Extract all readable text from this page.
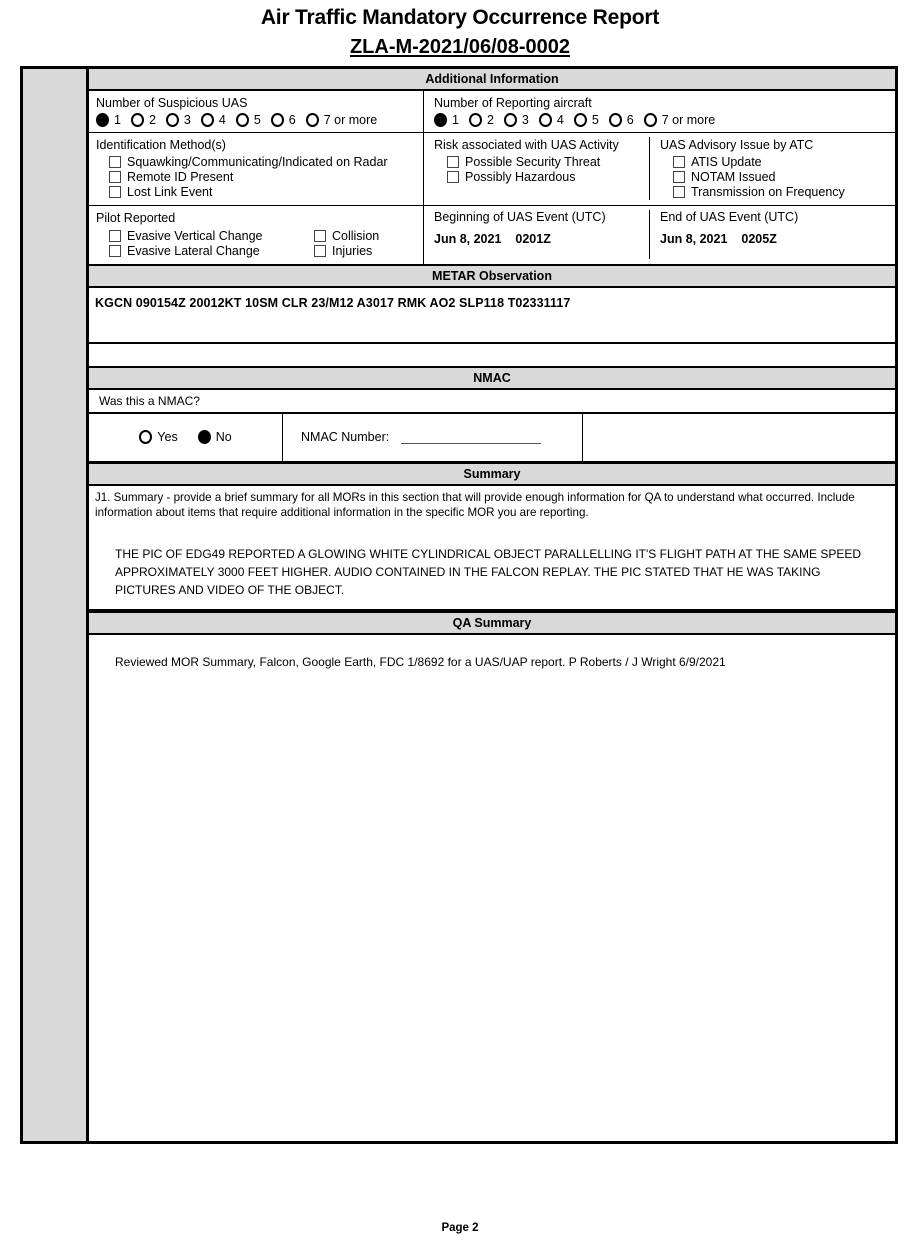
Air Traffic Mandatory Occurrence Report
ZLA-M-2021/06/08-0002
Additional Information
Number of Suspicious UAS
1 2 3 4 5 6 7 or more
Number of Reporting aircraft
1 2 3 4 5 6 7 or more
Identification Method(s)
Squawking/Communicating/Indicated on Radar
Remote ID Present
Lost Link Event
Risk associated with UAS Activity
Possible Security Threat
Possibly Hazardous
UAS Advisory Issue by ATC
ATIS Update
NOTAM Issued
Transmission on Frequency
Pilot Reported
Evasive Vertical Change
Evasive Lateral Change
Collision
Injuries
Beginning of UAS Event (UTC)
Jun 8, 2021 0201Z
End of UAS Event (UTC)
Jun 8, 2021 0205Z
METAR Observation
KGCN 090154Z 20012KT 10SM CLR 23/M12 A3017 RMK AO2 SLP118 T02331117
NMAC
Was this a NMAC?
Yes	No	NMAC Number:
Summary
J1. Summary - provide a brief summary for all MORs in this section that will provide enough information for QA to understand what occurred. Include information about items that require additional information in the specific MOR you are reporting.
THE PIC OF EDG49 REPORTED A GLOWING WHITE CYLINDRICAL OBJECT PARALLELLING IT'S FLIGHT PATH AT THE SAME SPEED APPROXIMATELY 3000 FEET HIGHER. AUDIO CONTAINED IN THE FALCON REPLAY. THE PIC STATED THAT HE WAS TAKING PICTURES AND VIDEO OF THE OBJECT.
QA Summary
Reviewed MOR Summary, Falcon, Google Earth, FDC 1/8692 for a UAS/UAP report. P Roberts / J Wright 6/9/2021
Page 2
